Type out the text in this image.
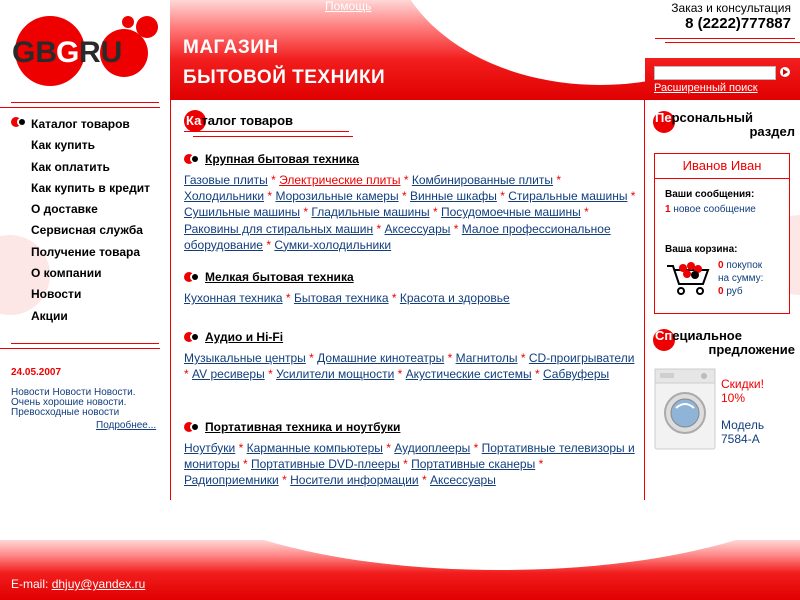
GB G RU
Помощь
МАГАЗИН
БЫТОВОЙ ТЕХНИКИ
Заказ и консультация
8 (2222)777887
Поиск
Расширенный поиск
Каталог товаров
Как купить
Как оплатить
Как купить в кредит
О доставке
Сервисная служба
Получение товара
О компании
Новости
Акции
24.05.2007
Новости Новости Новости.
Очень хорошие новости.
Превосходные новости
Подробнее...
Каталог товаров
Крупная бытовая техника
Газовые плиты * Электрические плиты * Комбинированные плиты * Холодильники * Морозильные камеры * Винные шкафы * Стиральные машины * Сушильные машины * Гладильные машины * Посудомоечные машины * Раковины для стиральных машин * Аксессуары * Малое профессиональное оборудование * Сумки-холодильники
Мелкая бытовая техника
Кухонная техника * Бытовая техника * Красота и здоровье
Аудио и Hi-Fi
Музыкальные центры * Домашние кинотеатры * Магнитолы * CD-проигрыватели * AV ресиверы * Усилители мощности * Акустические системы * Сабвуферы
Портативная техника и ноутбуки
Ноутбуки * Карманные компьютеры * Аудиоплееры * Портативные телевизоры и мониторы * Портативные DVD-плееры * Портативные сканеры * Радиоприемники * Носители информации * Аксессуары
Персональный
раздел
Иванов Иван
Ваши сообщения:
1 новое сообщение
Ваша корзина:
0 покупок
на сумму:
0 руб
Специальное
предложение
Скидки!
10%
Модель
7584-А
E-mail: dhjuy@yandex.ru
